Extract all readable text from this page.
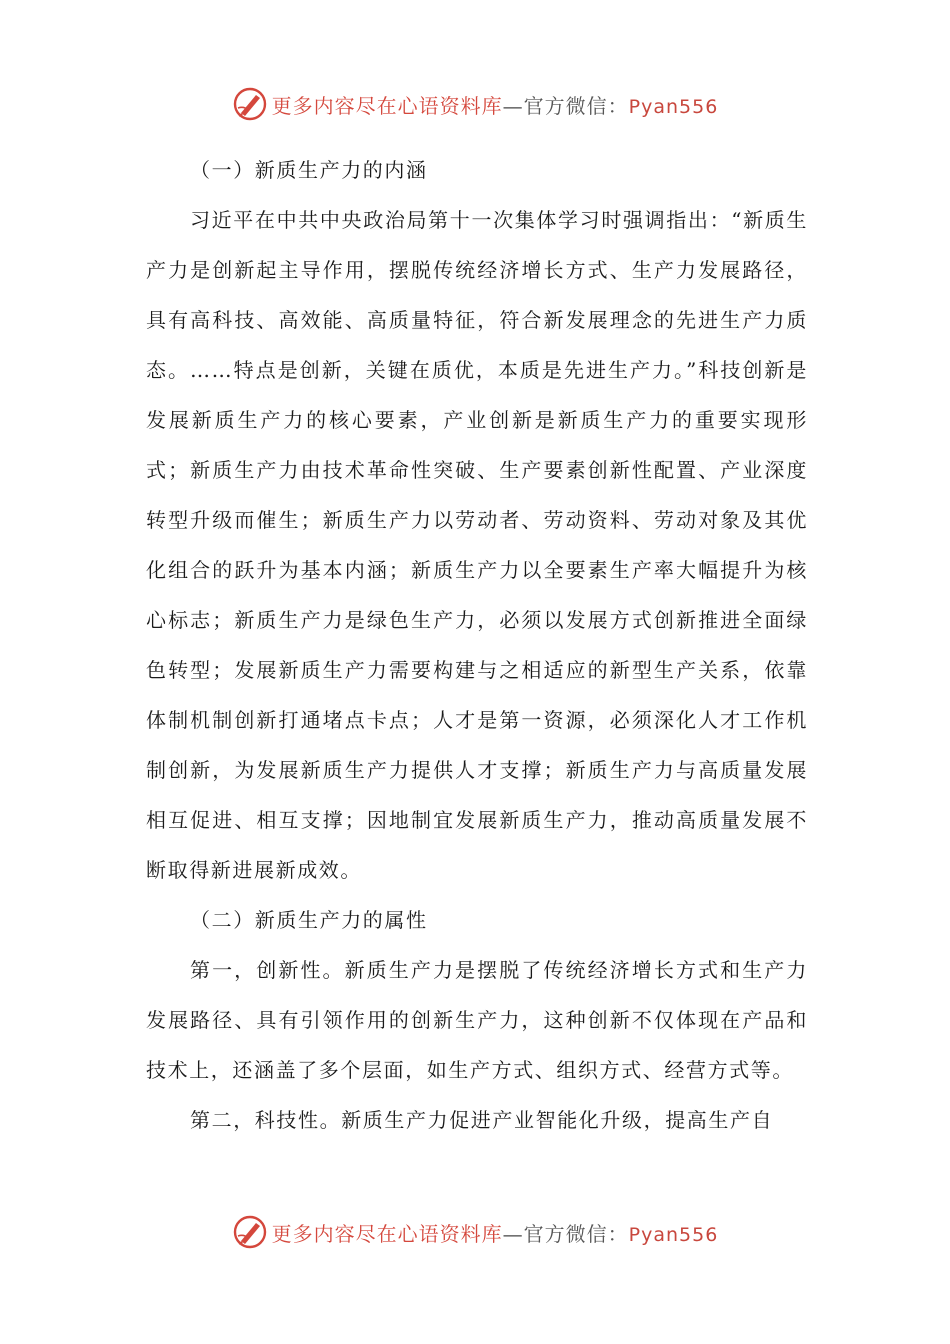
更多内容尽在心语资料库—官方微信：Pyan556

（一）新质生产力的内涵

习近平在中共中央政治局第十一次集体学习时强调指出：“新质生产力是创新起主导作用，摆脱传统经济增长方式、生产力发展路径，具有高科技、高效能、高质量特征，符合新发展理念的先进生产力质态。……特点是创新，关键在质优，本质是先进生产力。”科技创新是发展新质生产力的核心要素，产业创新是新质生产力的重要实现形式；新质生产力由技术革命性突破、生产要素创新性配置、产业深度转型升级而催生；新质生产力以劳动者、劳动资料、劳动对象及其优化组合的跃升为基本内涵；新质生产力以全要素生产率大幅提升为核心标志；新质生产力是绿色生产力，必须以发展方式创新推进全面绿色转型；发展新质生产力需要构建与之相适应的新型生产关系，依靠体制机制创新打通堵点卡点；人才是第一资源，必须深化人才工作机制创新，为发展新质生产力提供人才支撑；新质生产力与高质量发展相互促进、相互支撑；因地制宜发展新质生产力，推动高质量发展不断取得新进展新成效。

（二）新质生产力的属性

第一，创新性。新质生产力是摆脱了传统经济增长方式和生产力发展路径、具有引领作用的创新生产力，这种创新不仅体现在产品和技术上，还涵盖了多个层面，如生产方式、组织方式、经营方式等。

第二，科技性。新质生产力促进产业智能化升级，提高生产自

更多内容尽在心语资料库—官方微信：Pyan556
